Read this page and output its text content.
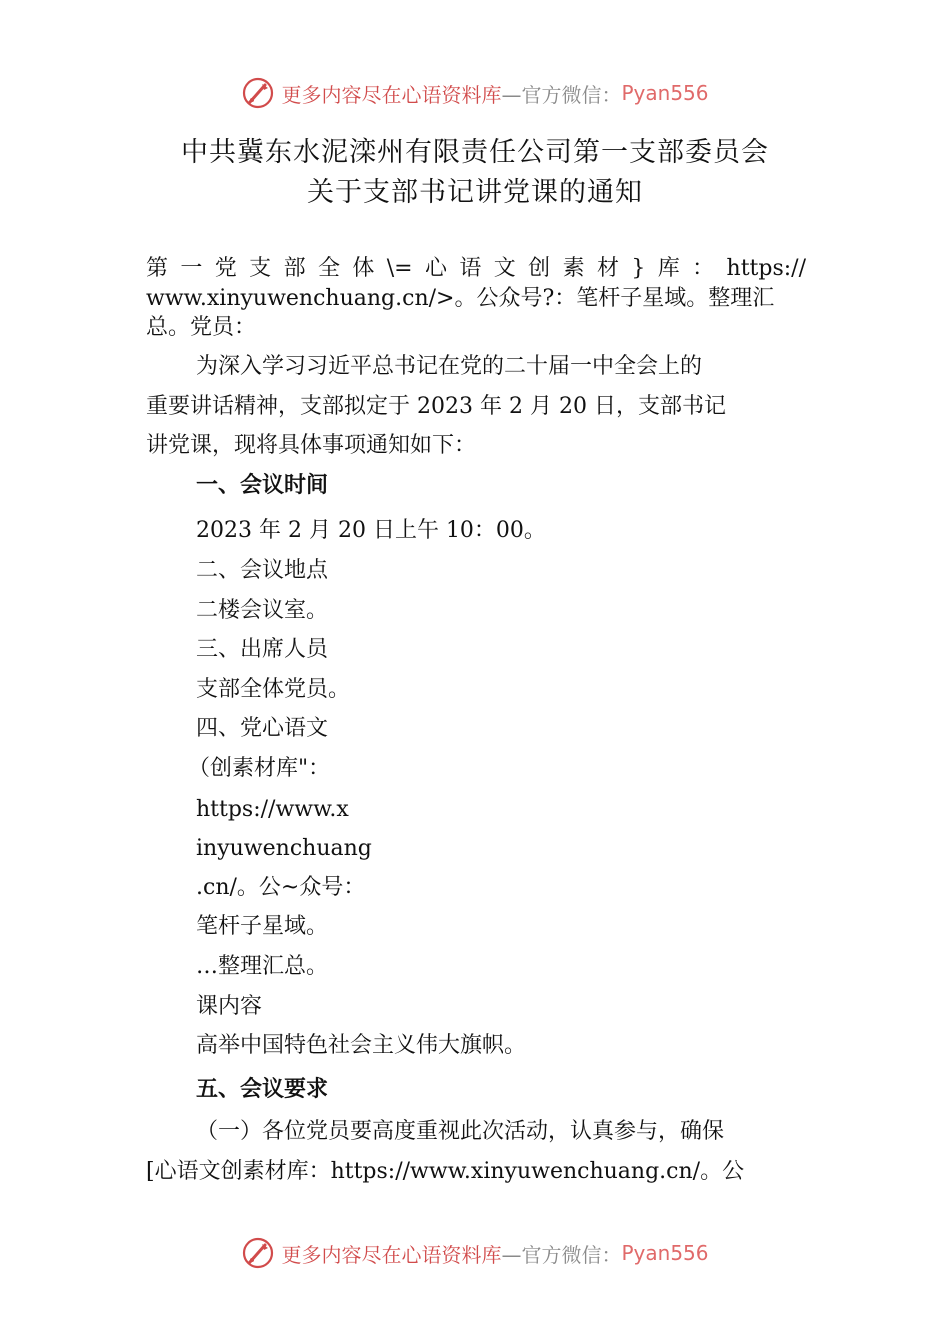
更多内容尽在心语资料库 —官方微信： Pyan556
中共冀东水泥滦州有限责任公司第一支部委员会
关于支部书记讲党课的通知
第一党支部全体\=心语文创素材}库：https://
www.xinyuwenchuang.cn/>。公众号?：笔杆子星域。整理汇
总。党员：
为深入学习习近平总书记在党的二十届一中全会上的
重要讲话精神，支部拟定于 2023 年 2 月 20 日，支部书记
讲党课，现将具体事项通知如下：
一、会议时间
2023 年 2 月 20 日上午 10：00。
二、会议地点
二楼会议室。
三、出席人员
支部全体党员。
四、党心语文
（创素材库"：
https://www.x
inyuwenchuang
.cn/。公~众号：
笔杆子星域。
…整理汇总。
课内容
高举中国特色社会主义伟大旗帜。
五、会议要求
（一）各位党员要高度重视此次活动，认真参与，确保
[心语文创素材库：https://www.xinyuwenchuang.cn/。公
更多内容尽在心语资料库 —官方微信： Pyan556
